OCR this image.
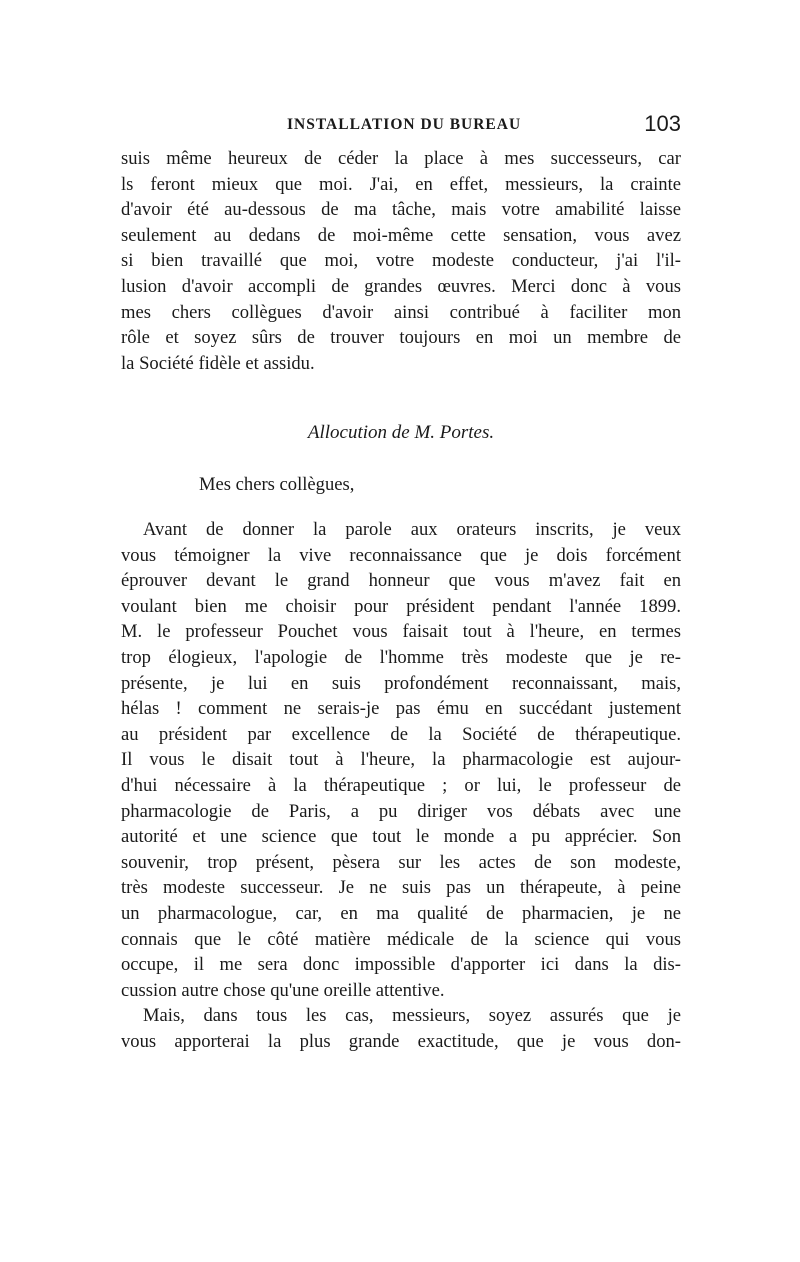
INSTALLATION DU BUREAU	103
suis même heureux de céder la place à mes successeurs, car
ls feront mieux que moi. J'ai, en effet, messieurs, la crainte
d'avoir été au-dessous de ma tâche, mais votre amabilité laisse
seulement au dedans de moi-même cette sensation, vous avez
si bien travaillé que moi, votre modeste conducteur, j'ai l'il-
lusion d'avoir accompli de grandes œuvres. Merci donc à vous
mes chers collègues d'avoir ainsi contribué à faciliter mon
rôle et soyez sûrs de trouver toujours en moi un membre de
la Société fidèle et assidu.
Allocution de M. Portes.
Mes chers collègues,
Avant de donner la parole aux orateurs inscrits, je veux
vous témoigner la vive reconnaissance que je dois forcément
éprouver devant le grand honneur que vous m'avez fait en
voulant bien me choisir pour président pendant l'année 1899.
M. le professeur Pouchet vous faisait tout à l'heure, en termes
trop élogieux, l'apologie de l'homme très modeste que je re-
présente, je lui en suis profondément reconnaissant, mais,
hélas ! comment ne serais-je pas ému en succédant justement
au président par excellence de la Société de thérapeutique.
Il vous le disait tout à l'heure, la pharmacologie est aujour-
d'hui nécessaire à la thérapeutique ; or lui, le professeur de
pharmacologie de Paris, a pu diriger vos débats avec une
autorité et une science que tout le monde a pu apprécier. Son
souvenir, trop présent, pèsera sur les actes de son modeste,
très modeste successeur. Je ne suis pas un thérapeute, à peine
un pharmacologue, car, en ma qualité de pharmacien, je ne
connais que le côté matière médicale de la science qui vous
occupe, il me sera donc impossible d'apporter ici dans la dis-
cussion autre chose qu'une oreille attentive.
Mais, dans tous les cas, messieurs, soyez assurés que je
vous apporterai la plus grande exactitude, que je vous don-
